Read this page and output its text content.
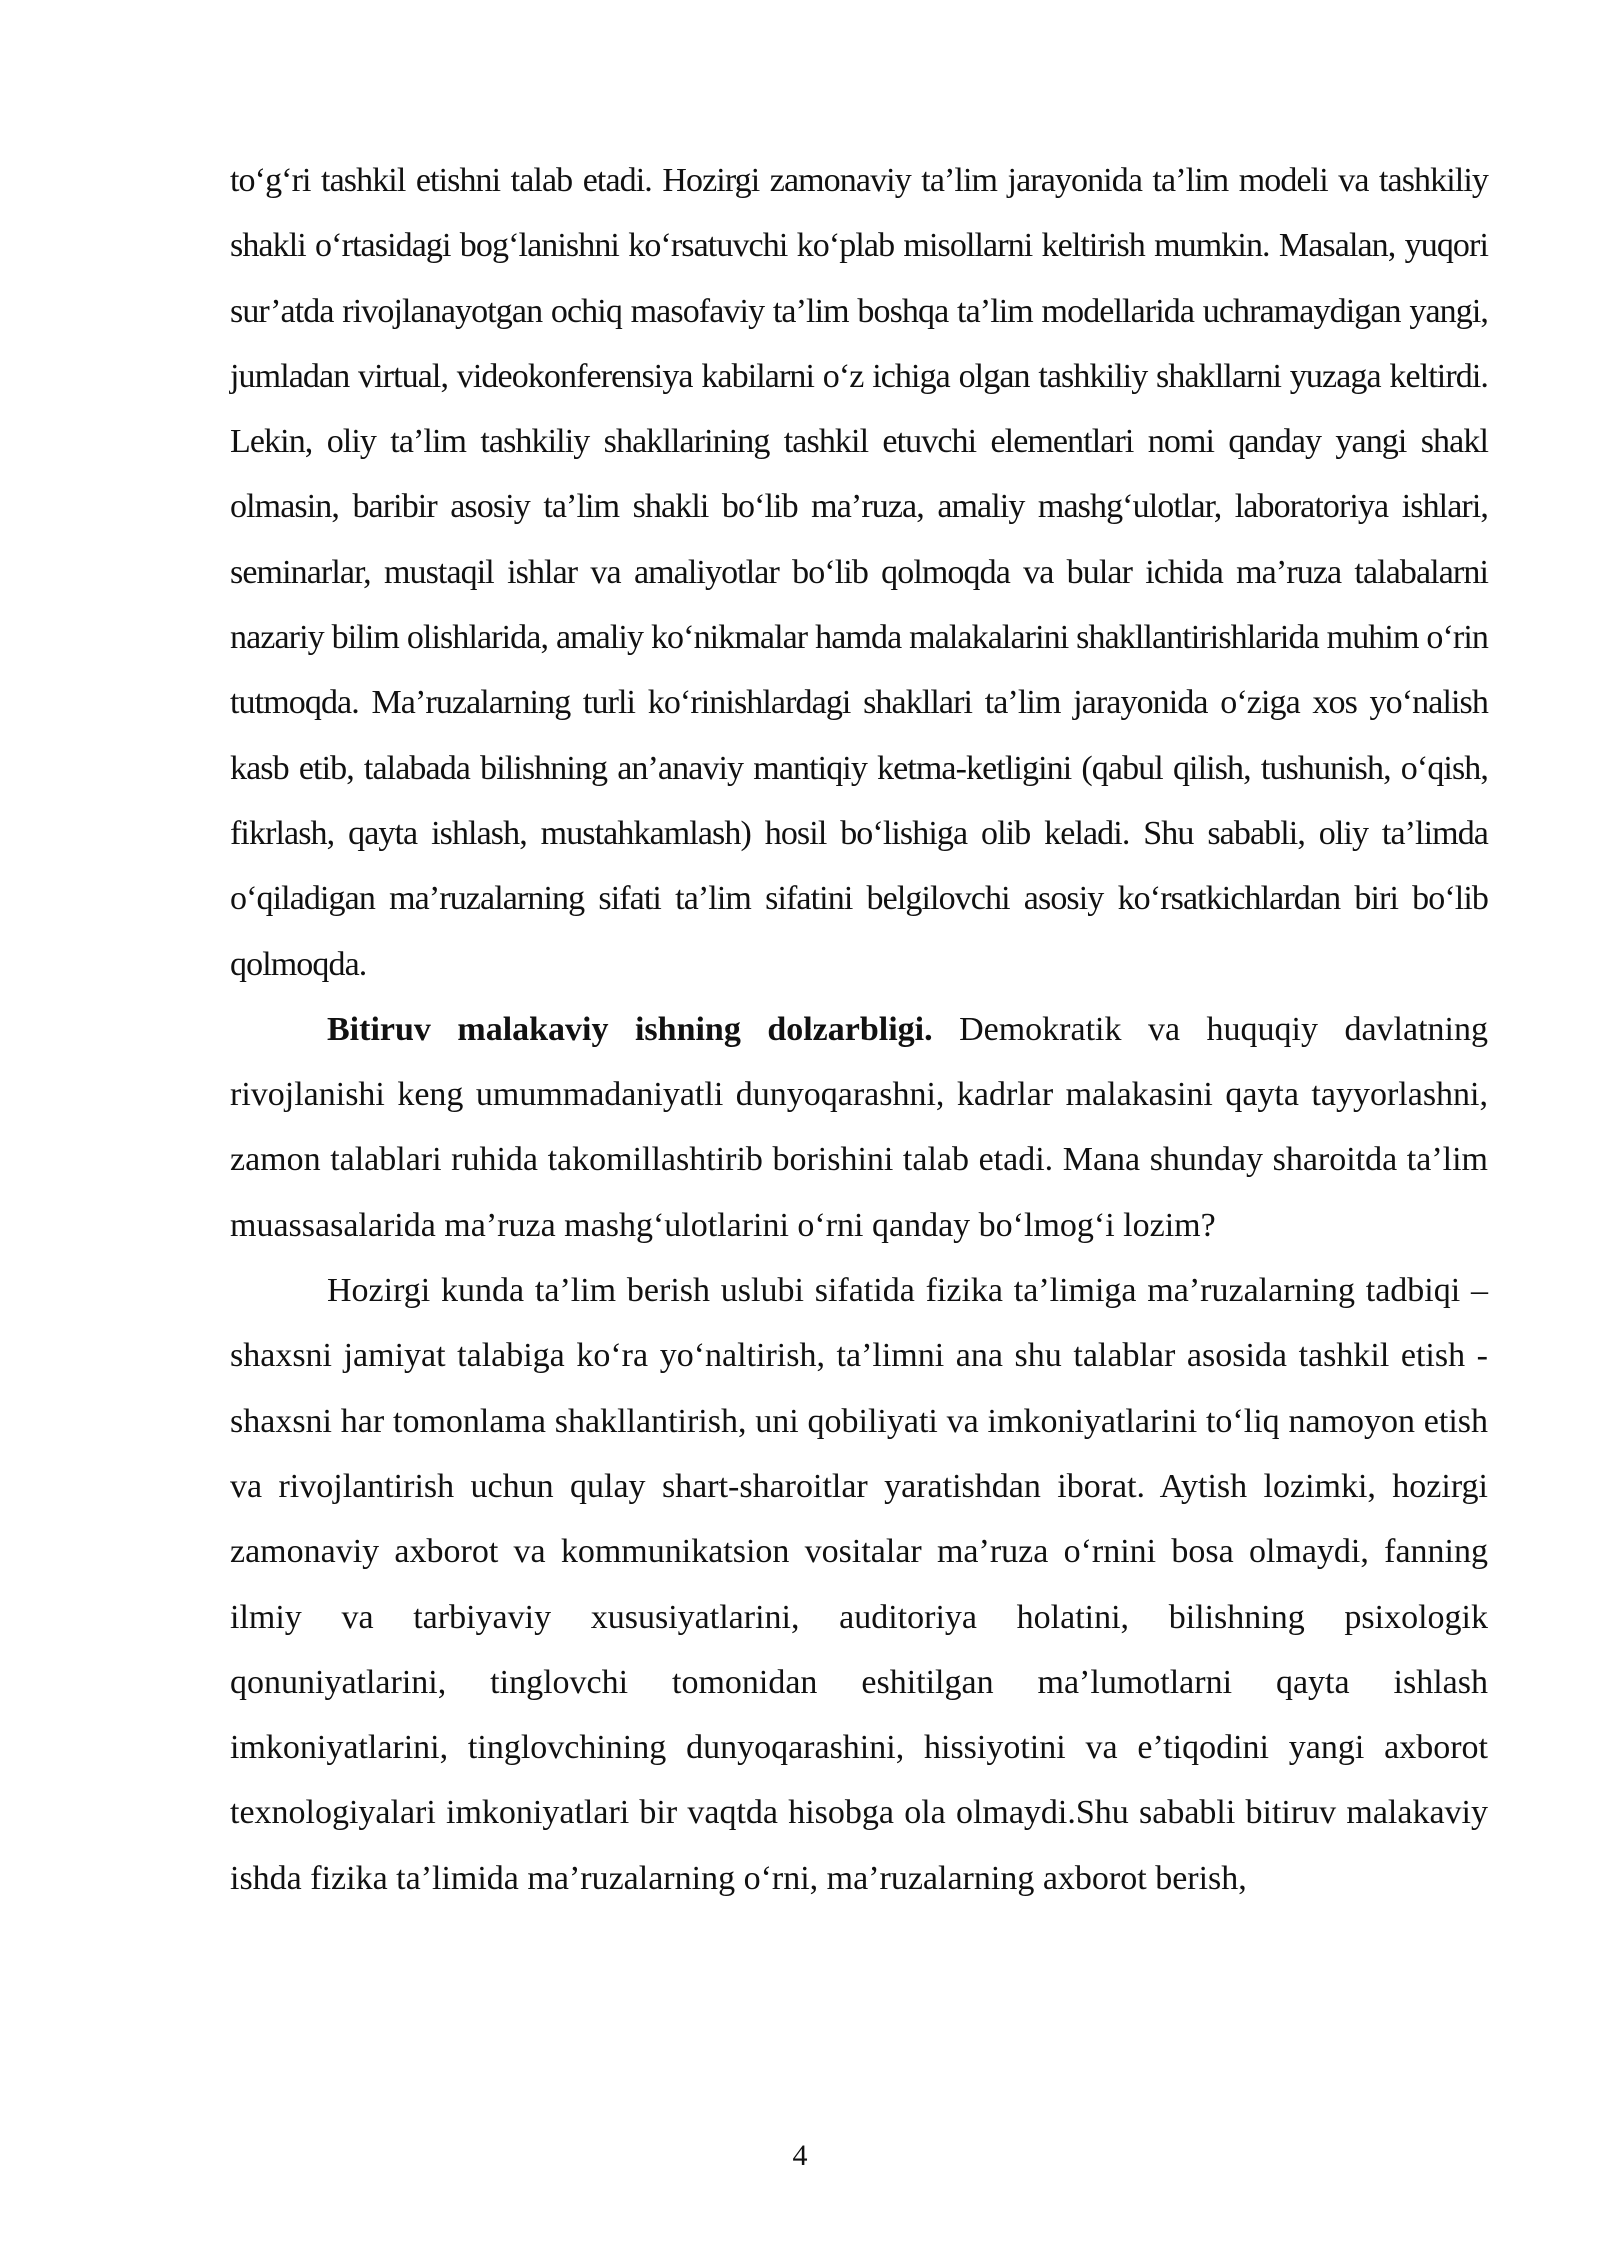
to‘g‘ri tashkil etishni talab etadi. Hozirgi zamonaviy ta’lim jarayonida ta’lim modeli va tashkiliy shakli o‘rtasidagi bog‘lanishni ko‘rsatuvchi ko‘plab misollarni keltirish mumkin. Masalan, yuqori sur’atda rivojlanayotgan ochiq masofaviy ta’lim boshqa ta’lim modellarida uchramaydigan yangi, jumladan virtual, videokonferensiya kabilarni o‘z ichiga olgan tashkiliy shakllarni yuzaga keltirdi. Lekin, oliy ta’lim tashkiliy shakllarining tashkil etuvchi elementlari nomi qanday yangi shakl olmasin, baribir asosiy ta’lim shakli bo‘lib ma’ruza, amaliy mashg‘ulotlar, laboratoriya ishlari, seminarlar, mustaqil ishlar va amaliyotlar bo‘lib qolmoqda va bular ichida ma’ruza talabalarni nazariy bilim olishlarida, amaliy ko‘nikmalar hamda malakalarini shakllantirishlarida muhim o‘rin tutmoqda. Ma’ruzalarning turli ko‘rinishlardagi shakllari ta’lim jarayonida o‘ziga xos yo‘nalish kasb etib, talabada bilishning an’anaviy mantiqiy ketma-ketligini (qabul qilish, tushunish, o‘qish, fikrlash, qayta ishlash, mustahkamlash) hosil bo‘lishiga olib keladi. Shu sababli, oliy ta’limda o‘qiladigan ma’ruzalarning sifati ta’lim sifatini belgilovchi asosiy ko‘rsatkichlardan biri bo‘lib qolmoqda.

Bitiruv malakaviy ishning dolzarbligi. Demokratik va huquqiy davlatning rivojlanishi keng umummadaniyatli dunyoqarashni, kadrlar malakasini qayta tayyorlashni, zamon talablari ruhida takomillashtirib borishini talab etadi. Mana shunday sharoitda ta’lim muassasalarida ma’ruza mashg‘ulotlarini o‘rni qanday bo‘lmog‘i lozim?

Hozirgi kunda ta’lim berish uslubi sifatida fizika ta’limiga ma’ruzalarning tadbiqi – shaxsni jamiyat talabiga ko‘ra yo‘naltirish, ta’limni ana shu talablar asosida tashkil etish - shaxsni har tomonlama shakllantirish, uni qobiliyati va imkoniyatlarini to‘liq namoyon etish va rivojlantirish uchun qulay shart-sharoitlar yaratishdan iborat. Aytish lozimki, hozirgi zamonaviy axborot va kommunikatsion vositalar ma’ruza o‘rnini bosa olmaydi, fanning ilmiy va tarbiyaviy xususiyatlarini, auditoriya holatini, bilishning psixologik qonuniyatlarini, tinglovchi tomonidan eshitilgan ma’lumotlarni qayta ishlash imkoniyatlarini, tinglovchining dunyoqarashini, hissiyotini va e’tiqodini yangi axborot texnologiyalari imkoniyatlari bir vaqtda hisobga ola olmaydi.Shu sababli bitiruv malakaviy ishda fizika ta’limida ma’ruzalarning o‘rni, ma’ruzalarning axborot berish,

4
